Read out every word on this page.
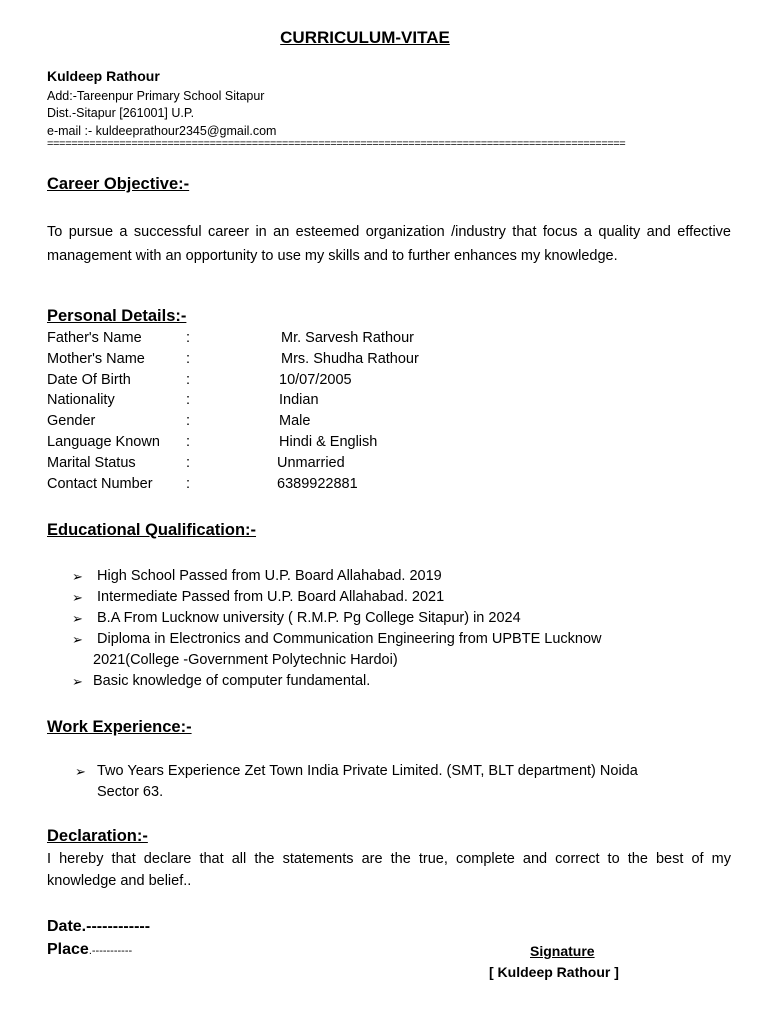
CURRICULUM-VITAE
Kuldeep Rathour
Add:-Tareenpur Primary School Sitapur
Dist.-Sitapur [261001] U.P.
e-mail :- kuldeeprathour2345@gmail.com
================================================================================================
Career Objective:-
To pursue a successful career in an esteemed organization /industry that focus a quality and effective management with an opportunity to use my skills and to further enhances my knowledge.
Personal Details:-
Father's Name	:	Mr. Sarvesh Rathour
Mother's Name	:	Mrs. Shudha Rathour
Date Of Birth	:	10/07/2005
Nationality	:	Indian
Gender	:	Male
Language Known :	Hindi & English
Marital Status	:	Unmarried
Contact Number :	6389922881
Educational Qualification:-
➢ High School Passed from U.P. Board Allahabad. 2019
➢ Intermediate Passed from U.P. Board Allahabad. 2021
➢ B.A From Lucknow university ( R.M.P. Pg College Sitapur) in 2024
➢ Diploma in Electronics and Communication Engineering from UPBTE Lucknow
2021(College -Government Polytechnic Hardoi)
➢ Basic knowledge of computer fundamental.
Work Experience:-
➢ Two Years Experience Zet Town India Private Limited. (SMT, BLT department) Noida
Sector 63.
Declaration:-
I hereby that declare that all the statements are the true, complete and correct to the best of my knowledge and belief..
Date.------------
Place.-----------	Signature
[ Kuldeep Rathour ]
